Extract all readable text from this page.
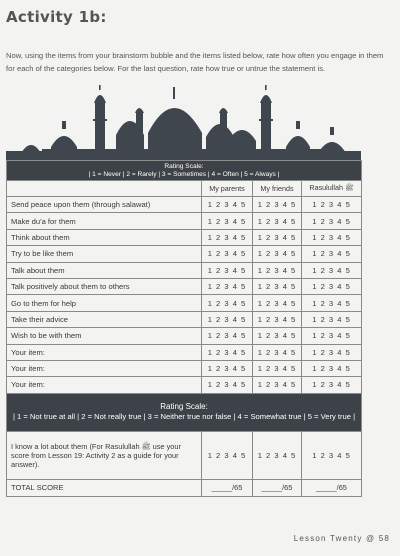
Activity 1b:

Now, using the items from your brainstorm bubble and the items listed below, rate how often you engage in them for each of the categories below. For the last question, rate how true or untrue the statement is.

Rating Scale:
| 1 = Never | 2 = Rarely | 3 = Sometimes | 4 = Often | 5 = Always |			

	My parents	My friends	Rasulullah ﷺ
Send peace upon them (through salawat)	1 2 3 4 5	1 2 3 4 5	1 2 3 4 5
Make du'a for them	1 2 3 4 5	1 2 3 4 5	1 2 3 4 5
Think about them	1 2 3 4 5	1 2 3 4 5	1 2 3 4 5
Try to be like them	1 2 3 4 5	1 2 3 4 5	1 2 3 4 5
Talk about them	1 2 3 4 5	1 2 3 4 5	1 2 3 4 5
Talk positively about them to others	1 2 3 4 5	1 2 3 4 5	1 2 3 4 5
Go to them for help	1 2 3 4 5	1 2 3 4 5	1 2 3 4 5
Take their advice	1 2 3 4 5	1 2 3 4 5	1 2 3 4 5
Wish to be with them	1 2 3 4 5	1 2 3 4 5	1 2 3 4 5
Your item:	1 2 3 4 5	1 2 3 4 5	1 2 3 4 5
Your item:	1 2 3 4 5	1 2 3 4 5	1 2 3 4 5
Your item:	1 2 3 4 5	1 2 3 4 5	1 2 3 4 5

Rating Scale:
| 1 = Not true at all | 2 = Not really true | 3 = Neither true nor false | 4 = Somewhat true | 5 = Very true |			

I know a lot about them (For Rasulullah ﷺ use your score from Lesson 19: Activity 2 as a guide for your answer).	1 2 3 4 5	1 2 3 4 5	1 2 3 4 5
TOTAL SCORE	_____/65	_____/65	_____/65
Lesson Twenty @ 58
